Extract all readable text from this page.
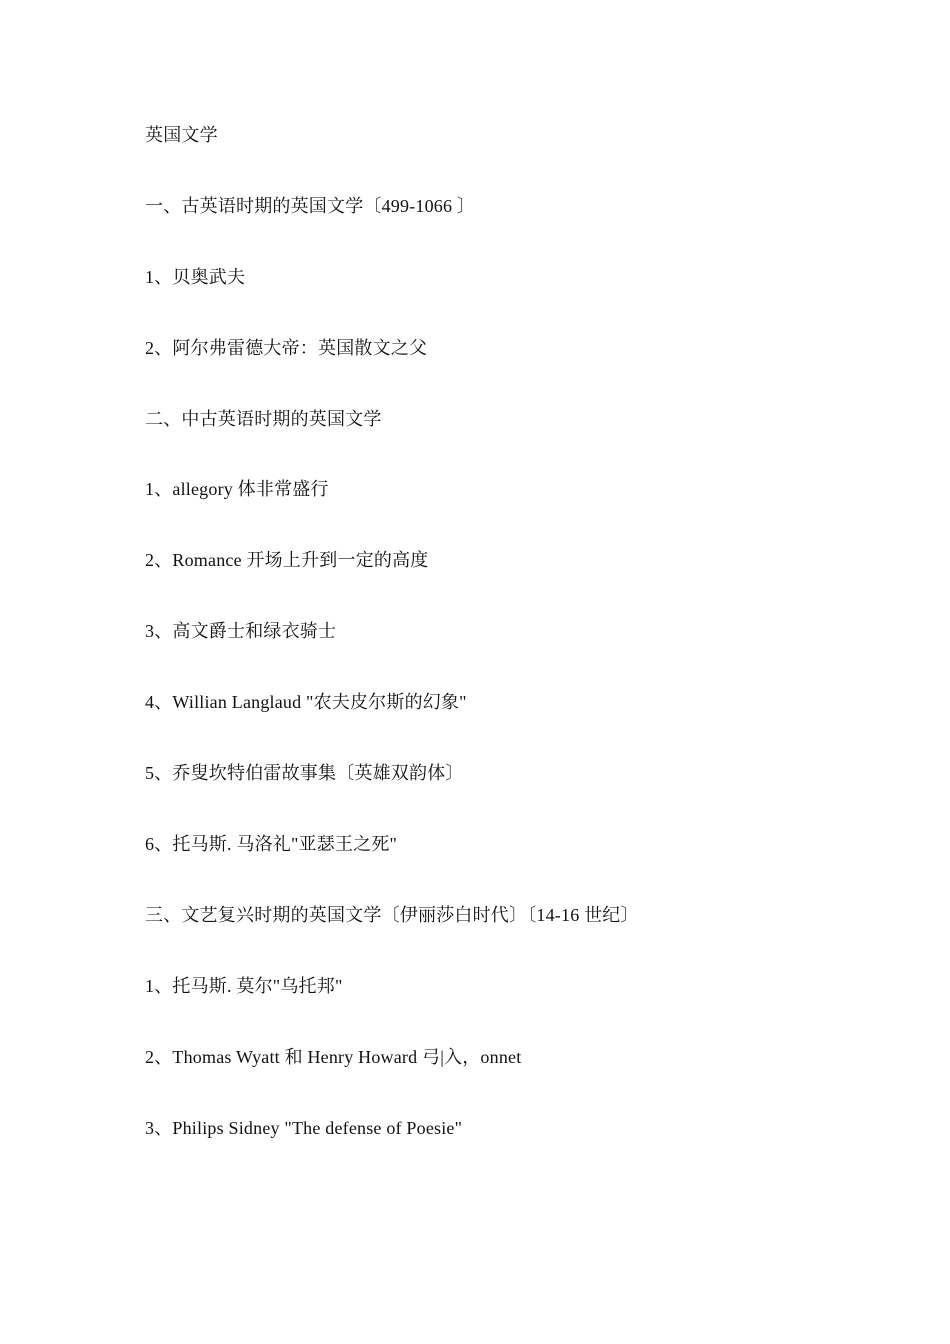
英国文学
一、古英语时期的英国文学〔499-1066 〕
1、贝奥武夫
2、阿尔弗雷德大帝：英国散文之父
二、中古英语时期的英国文学
1、allegory 体非常盛行
2、Romance 开场上升到一定的高度
3、高文爵士和绿衣骑士
4、Willian Langlaud "农夫皮尔斯的幻象"
5、乔叟坎特伯雷故事集〔英雄双韵体〕
6、托马斯. 马洛礼"亚瑟王之死"
三、文艺复兴时期的英国文学〔伊丽莎白时代〕〔14-16 世纪〕
1、托马斯. 莫尔"乌托邦"
2、Thomas Wyatt 和 Henry Howard 弓|入，onnet
3、Philips Sidney "The defense of Poesie"
